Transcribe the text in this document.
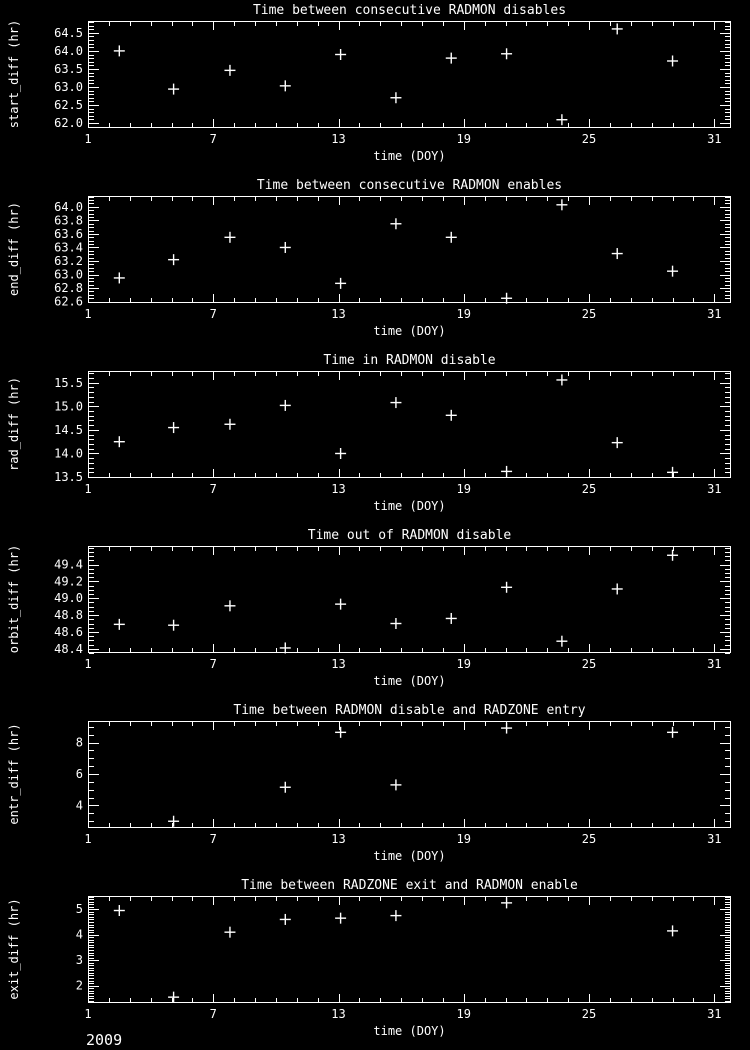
1	7	13	19	25	31
62.0
62.5
63.0
63.5
64.0
64.5
1	7	13	19	25	31
62.6
62.8
63.0
63.2
63.4
63.6
63.8
64.0
1	7	13	19	25	31
13.5
14.0
14.5
15.0
15.5
1	7	13	19	25	31
48.4
48.6
48.8
49.0
49.2
49.4
1	7	13	19	25	31
4
6
8
1	7	13	19	25	31
2
3
4
5
Time between consecutive RADMON disables
time (DOY)
start_diff (hr)
Time between consecutive RADMON enables
time (DOY)
end_diff (hr)
Time in RADMON disable
time (DOY)
rad_diff (hr)
Time out of RADMON disable
time (DOY)
orbit_diff (hr)
Time between RADMON disable and RADZONE entry
time (DOY)
entr_diff (hr)
Time between RADZONE exit and RADMON enable
time (DOY)
exit_diff (hr)
2009
